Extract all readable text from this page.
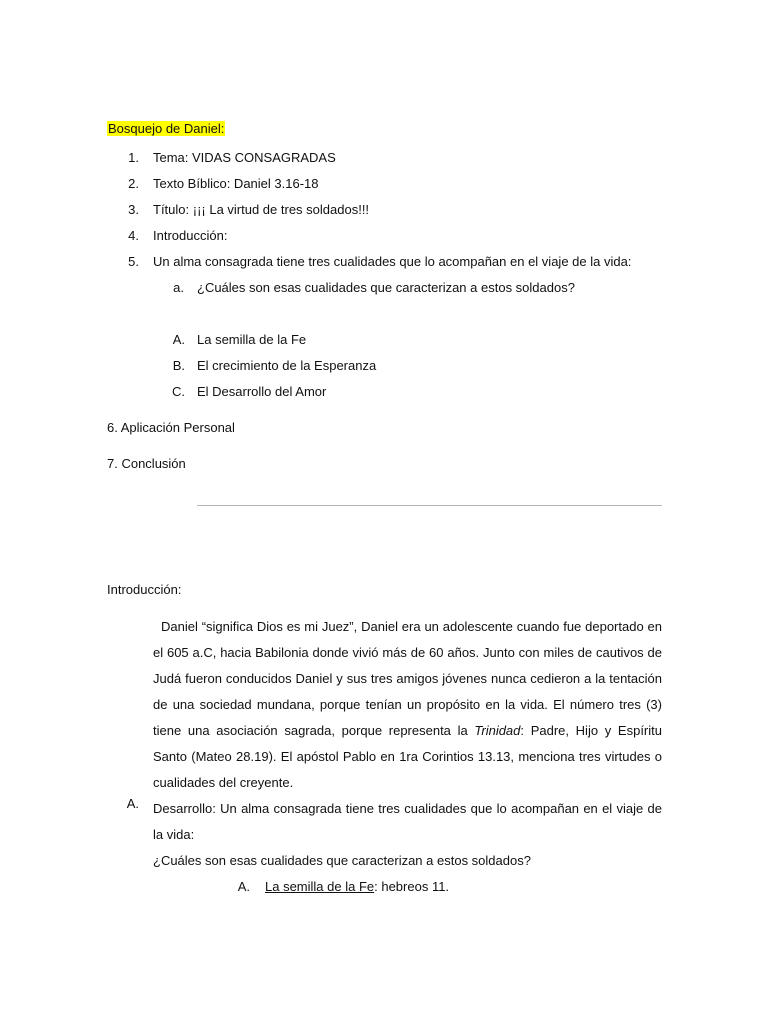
Bosquejo de Daniel:
1. Tema: VIDAS CONSAGRADAS
2. Texto Bíblico: Daniel 3.16-18
3. Título: ¡¡¡ La virtud de tres soldados!!!
4. Introducción:
5. Un alma consagrada tiene tres cualidades que lo acompañan en el viaje de la vida:
a. ¿Cuáles son esas cualidades que caracterizan a estos soldados?
A. La semilla de la Fe
B. El crecimiento de la Esperanza
C. El Desarrollo del Amor
6. Aplicación Personal
7. Conclusión
Introducción:

Daniel “significa Dios es mi Juez”, Daniel era un adolescente cuando fue deportado en el 605 a.C, hacia Babilonia donde vivió más de 60 años. Junto con miles de cautivos de Judá fueron conducidos Daniel y sus tres amigos jóvenes nunca cedieron a la tentación de una sociedad mundana, porque tenían un propósito en la vida. El número tres (3) tiene una asociación sagrada, porque representa la Trinidad: Padre, Hijo y Espíritu Santo (Mateo 28.19). El apóstol Pablo en 1ra Corintios 13.13, menciona tres virtudes o cualidades del creyente.

A. Desarrollo: Un alma consagrada tiene tres cualidades que lo acompañan en el viaje de la vida:
¿Cuáles son esas cualidades que caracterizan a estos soldados?
A. La semilla de la Fe: hebreos 11.
